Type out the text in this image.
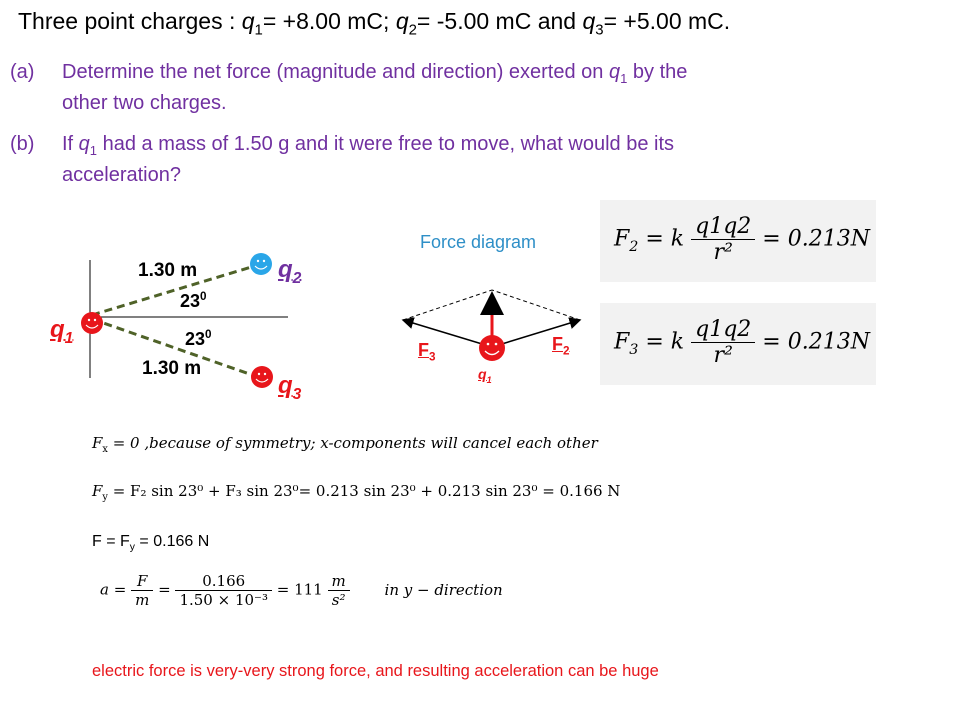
Three point charges : $q_1= +8.00$ mC; $q_2= -5.00$ mC and $q_3= +5.00$ mC.
(a) Determine the net force (magnitude and direction) exerted on $q_1$ by the
other two charges.
(b) If $q_1$ had a mass of 1.50 g and it were free to move, what would be its
acceleration?
1.30 m
$23^0$
$23^0$
1.30 m
$q_1$
$q_2$
$q_3$
Force diagram
$F_3$
$F_2$
$q_1$
$F_2 = k \frac{q1q2}{\text{r²}} = 0.213N$
$F_3 = k \frac{q1q2}{\text{r²}} = 0.213N$
$F_x = 0$ ,because of symmetry; x-components will cancel each other
$F_y = F_2$ sin 23⁰ + F₃ sin 23⁰= 0.213 sin 23⁰ + 0.213 sin 23⁰ = 0.166 N
$F = F_y = 0.166$ N
$a = \frac{F}{m} = \frac{0.166}{\text{1.50 × 10⁻³}} = 111 \frac{m}{\text{s²}}$ in y − direction
electric force is very-very strong force, and resulting acceleration can be huge
